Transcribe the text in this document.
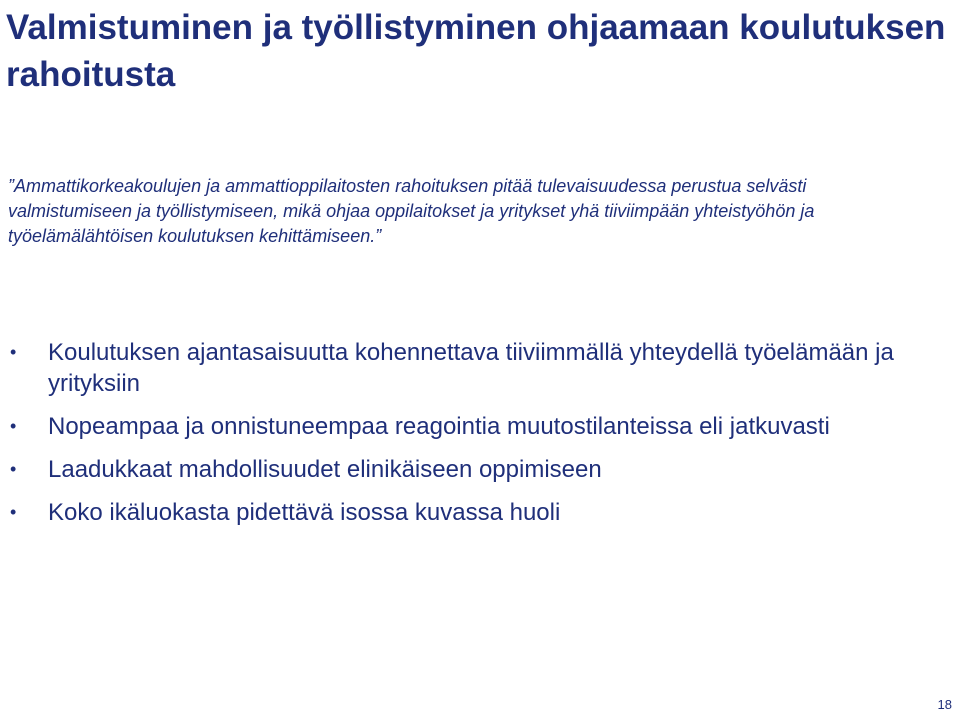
Valmistuminen ja työllistyminen ohjaamaan koulutuksen rahoitusta
”Ammattikorkeakoulujen ja ammattioppilaitosten rahoituksen pitää tulevaisuudessa perustua selvästi valmistumiseen ja työllistymiseen, mikä ohjaa oppilaitokset ja yritykset yhä tiiviimpään yhteistyöhön ja työelämälähtöisen koulutuksen kehittämiseen.”
• Koulutuksen ajantasaisuutta kohennettava tiiviimmällä yhteydellä työelämään ja yrityksiin
• Nopeampaa ja onnistuneempaa reagointia muutostilanteissa eli jatkuvasti
• Laadukkaat mahdollisuudet elinikäiseen oppimiseen
• Koko ikäluokasta pidettävä isossa kuvassa huoli
18
